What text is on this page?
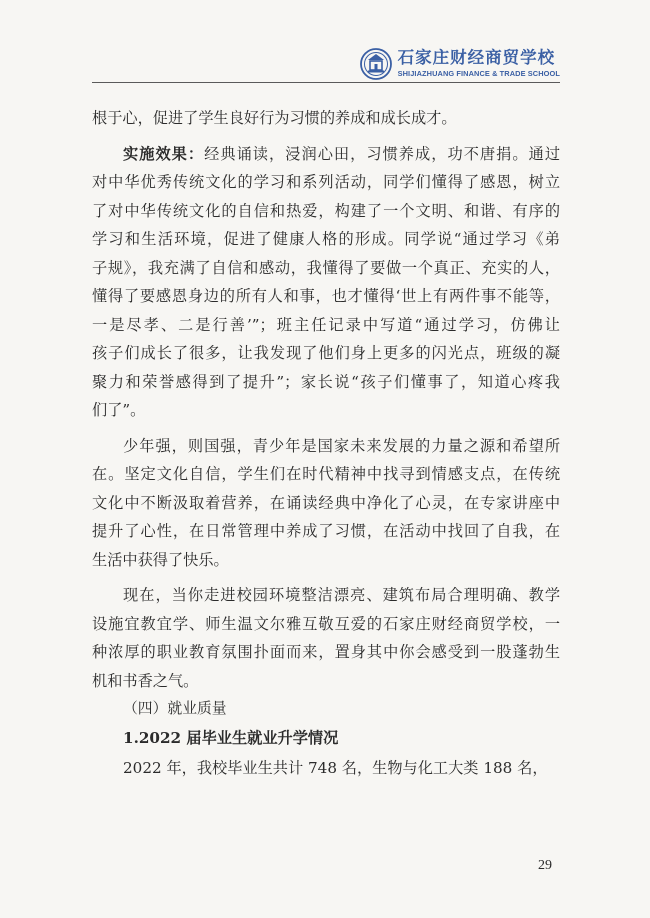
石家庄财经商贸学校
SHIJIAZHUANG FINANCE & TRADE SCHOOL
根于心，促进了学生良好行为习惯的养成和成长成才。
实施效果：经典诵读，浸润心田，习惯养成，功不唐捐。通过
对中华优秀传统文化的学习和系列活动，同学们懂得了感恩，树立
了对中华传统文化的自信和热爱，构建了一个文明、和谐、有序的
学习和生活环境，促进了健康人格的形成。同学说“通过学习《弟
子规》，我充满了自信和感动，我懂得了要做一个真正、充实的人，
懂得了要感恩身边的所有人和事，也才懂得‘世上有两件事不能等，
一是尽孝、二是行善’”；班主任记录中写道“通过学习，仿佛让
孩子们成长了很多，让我发现了他们身上更多的闪光点，班级的凝
聚力和荣誉感得到了提升”；家长说“孩子们懂事了，知道心疼我
们了”。
少年强，则国强，青少年是国家未来发展的力量之源和希望所
在。坚定文化自信，学生们在时代精神中找寻到情感支点，在传统
文化中不断汲取着营养，在诵读经典中净化了心灵，在专家讲座中
提升了心性，在日常管理中养成了习惯，在活动中找回了自我，在
生活中获得了快乐。
现在，当你走进校园环境整洁漂亮、建筑布局合理明确、教学
设施宜教宜学、师生温文尔雅互敬互爱的石家庄财经商贸学校，一
种浓厚的职业教育氛围扑面而来，置身其中你会感受到一股蓬勃生
机和书香之气。
（四）就业质量
1.2022 届毕业生就业升学情况
2022 年，我校毕业生共计 748 名，生物与化工大类 188 名，
29
